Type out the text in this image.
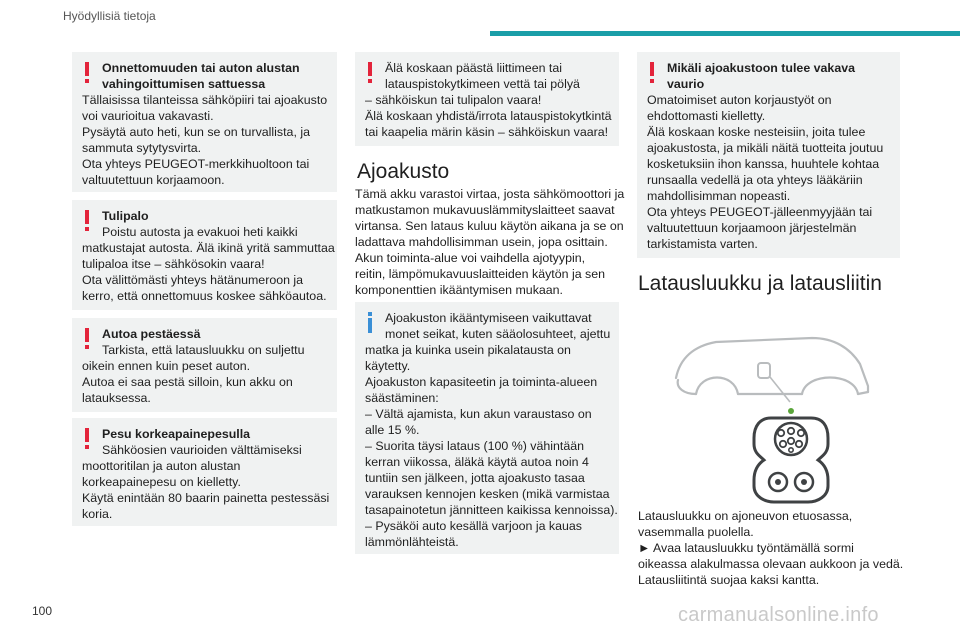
Hyödyllisiä tietoja
Onnettomuuden tai auton alustan
vahingoittumisen sattuessa
Tällaisissa tilanteissa sähköpiiri tai ajoakusto
voi vaurioitua vakavasti.
Pysäytä auto heti, kun se on turvallista, ja
sammuta sytytysvirta.
Ota yhteys PEUGEOT-merkkihuoltoon tai
valtuutettuun korjaamoon.
Tulipalo
Poistu autosta ja evakuoi heti kaikki
matkustajat autosta. Älä ikinä yritä sammuttaa
tulipaloa itse – sähkösokin vaara!
Ota välittömästi yhteys hätänumeroon ja
kerro, että onnettomuus koskee sähköautoa.
Autoa pestäessä
Tarkista, että latausluukku on suljettu
oikein ennen kuin peset auton.
Autoa ei saa pestä silloin, kun akku on
latauksessa.
Pesu korkeapainepesulla
Sähköosien vaurioiden välttämiseksi
moottoritilan ja auton alustan
korkeapainepesu on kielletty.
Käytä enintään 80 baarin painetta pestessäsi
koria.
Älä koskaan päästä liittimeen tai
latauspistokytkimeen vettä tai pölyä
– sähköiskun tai tulipalon vaara!
Älä koskaan yhdistä/irrota latauspistokytkintä
tai kaapelia märin käsin – sähköiskun vaara!
Ajoakusto
Tämä akku varastoi virtaa, josta sähkömoottori ja
matkustamon mukavuuslämmityslaitteet saavat
virtansa. Sen lataus kuluu käytön aikana ja se on
ladattava mahdollisimman usein, jopa osittain.
Akun toiminta-alue voi vaihdella ajotyypin,
reitin, lämpömukavuuslaitteiden käytön ja sen
komponenttien ikääntymisen mukaan.
Ajoakuston ikääntymiseen vaikuttavat
monet seikat, kuten sääolosuhteet, ajettu
matka ja kuinka usein pikalatausta on
käytetty.
Ajoakuston kapasiteetin ja toiminta-alueen
säästäminen:
– Vältä ajamista, kun akun varaustaso on
alle 15 %.
– Suorita täysi lataus (100 %) vähintään
kerran viikossa, äläkä käytä autoa noin 4
tuntiin sen jälkeen, jotta ajoakusto tasaa
varauksen kennojen kesken (mikä varmistaa
tasapainotetun jännitteen kaikissa kennoissa).
– Pysäköi auto kesällä varjoon ja kauas
lämmönlähteistä.
Mikäli ajoakustoon tulee vakava
vaurio
Omatoimiset auton korjaustyöt on
ehdottomasti kielletty.
Älä koskaan koske nesteisiin, joita tulee
ajoakustosta, ja mikäli näitä tuotteita joutuu
kosketuksiin ihon kanssa, huuhtele kohtaa
runsaalla vedellä ja ota yhteys lääkäriin
mahdollisimman nopeasti.
Ota yhteys PEUGEOT-jälleenmyyjään tai
valtuutettuun korjaamoon järjestelmän
tarkistamista varten.
Latausluukku ja latausliitin
Latausluukku on ajoneuvon etuosassa,
vasemmalla puolella.
► Avaa latausluukku työntämällä sormi
oikeassa alakulmassa olevaan aukkoon ja vedä.
Latausliitintä suojaa kaksi kantta.
100	carmanualsonline.info
